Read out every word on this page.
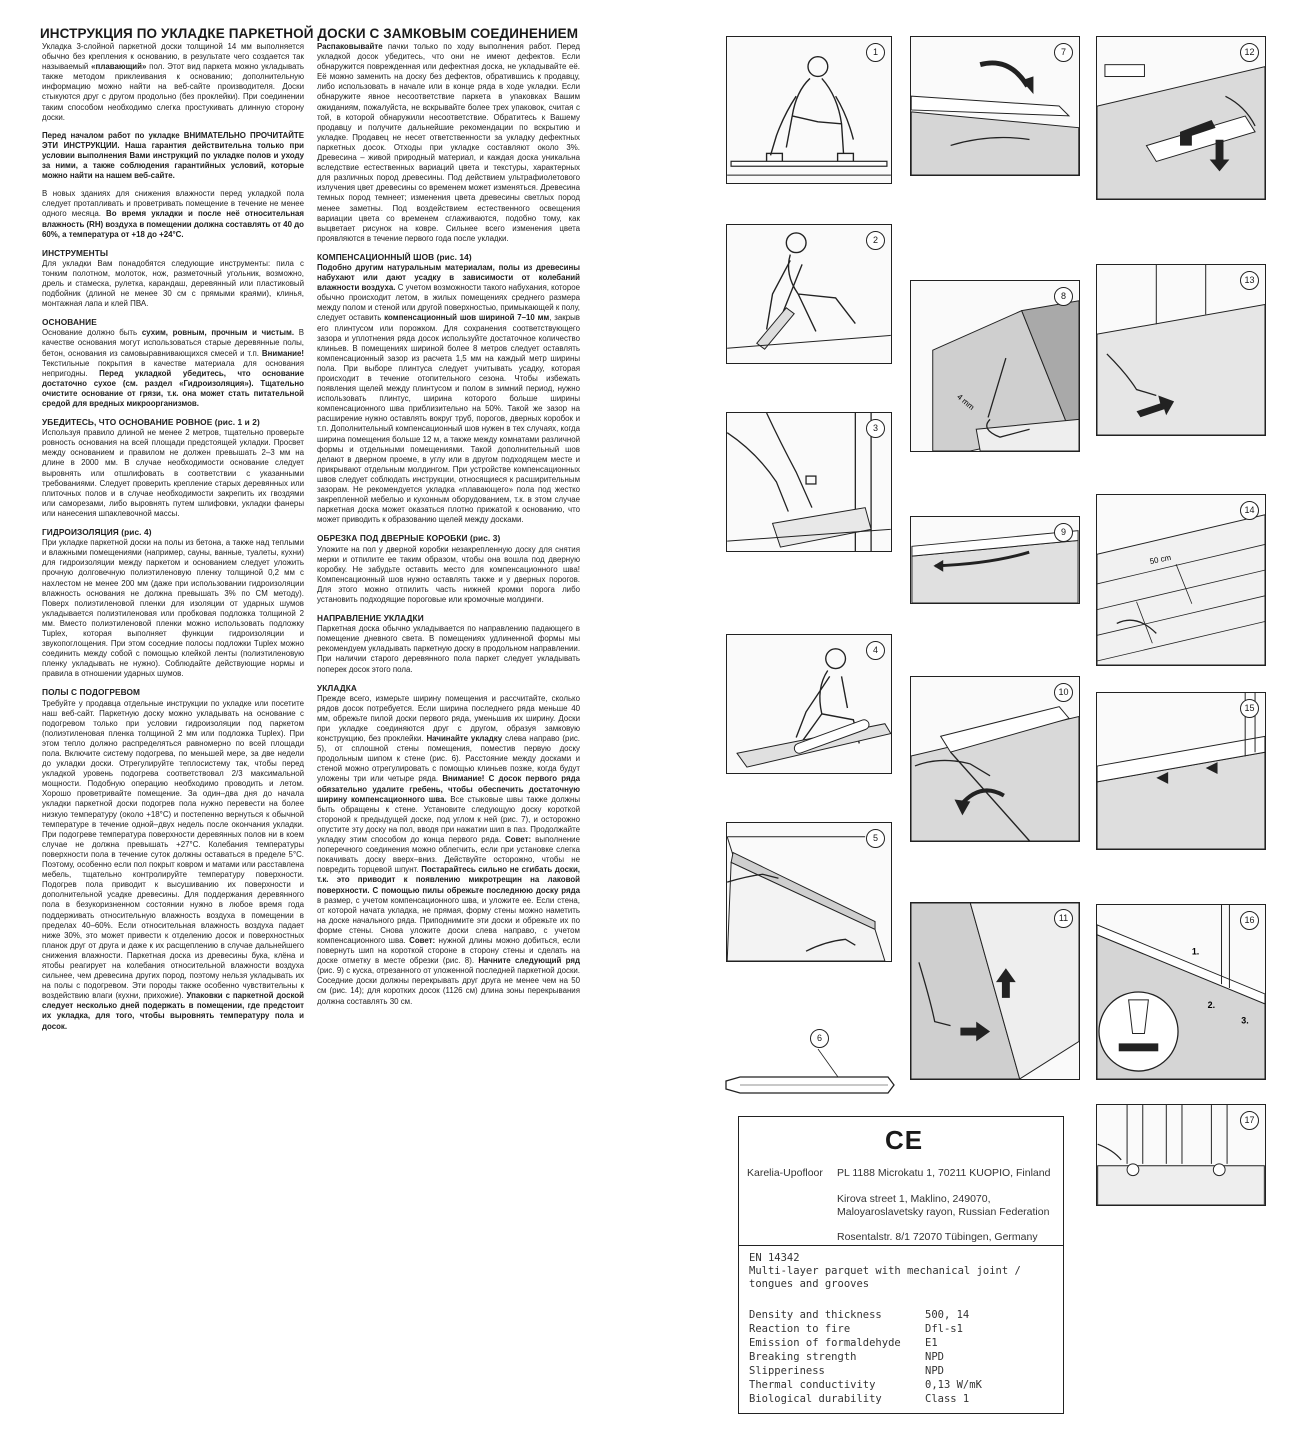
ИНСТРУКЦИЯ ПО УКЛАДКЕ ПАРКЕТНОЙ ДОСКИ С ЗАМКОВЫМ СОЕДИНЕНИЕМ

Укладка 3-слойной паркетной доски толщиной 14 мм выполняется обычно без крепления к основанию, в результате чего создается так называемый «плавающий» пол. Этот вид паркета можно укладывать также методом приклеивания к основанию; дополнительную информацию можно найти на веб-сайте производителя. Доски стыкуются друг с другом продольно (без проклейки). При соединении таким способом необходимо слегка простукивать длинную сторону доски.

Перед началом работ по укладке ВНИМАТЕЛЬНО ПРОЧИТАЙТЕ ЭТИ ИНСТРУКЦИИ. Наша гарантия действительна только при условии выполнения Вами инструкций по укладке полов и уходу за ними, а также соблюдения гарантийных условий, которые можно найти на нашем веб-сайте.

В новых зданиях для снижения влажности перед укладкой пола следует протапливать и проветривать помещение в течение не менее одного месяца. Во время укладки и после неё относительная влажность (RH) воздуха в помещении должна составлять от 40 до 60%, а температура от +18 до +24°С.

ИНСТРУМЕНТЫ

Для укладки Вам понадобятся следующие инструменты: пила с тонким полотном, молоток, нож, разметочный угольник, возможно, дрель и стамеска, рулетка, карандаш, деревянный или пластиковый подбойник (длиной не менее 30 см с прямыми краями), клинья, монтажная лапа и клей ПВА.

ОСНОВАНИЕ

Основание должно быть сухим, ровным, прочным и чистым. В качестве основания могут использоваться старые деревянные полы, бетон, основания из самовыравнивающихся смесей и т.п. Внимание! Текстильные покрытия в качестве материала для основания непригодны. Перед укладкой убедитесь, что основание достаточно сухое (см. раздел «Гидроизоляция»). Тщательно очистите основание от грязи, т.к. она может стать питательной средой для вредных микроорганизмов.

УБЕДИТЕСЬ, ЧТО ОСНОВАНИЕ РОВНОЕ (рис. 1 и 2)

Используя правило длиной не менее 2 метров, тщательно проверьте ровность основания на всей площади предстоящей укладки. Просвет между основанием и правилом не должен превышать 2–3 мм на длине в 2000 мм. В случае необходимости основание следует выровнять или отшлифовать в соответствии с указанными требованиями. Следует проверить крепление старых деревянных или плиточных полов и в случае необходимости закрепить их гвоздями или саморезами, либо выровнять путем шлифовки, укладки фанеры или нанесения шпаклевочной массы.

ГИДРОИЗОЛЯЦИЯ (рис. 4)

При укладке паркетной доски на полы из бетона, а также над теплыми и влажными помещениями (например, сауны, ванные, туалеты, кухни) для гидроизоляции между паркетом и основанием следует уложить прочную долговечную полиэтиленовую пленку толщиной 0,2 мм с нахлестом не менее 200 мм (даже при использовании гидроизоляции влажность основания не должна превышать 3% по CM методу). Поверх полиэтиленовой пленки для изоляции от ударных шумов укладывается полиэтиленовая или пробковая подложка толщиной 2 мм. Вместо полиэтиленовой пленки можно использовать подложку Tuplex, которая выполняет функции гидроизоляции и звукопоглощения. При этом соседние полосы подложки Tuplex можно соединить между собой с помощью клейкой ленты (полиэтиленовую пленку укладывать не нужно). Соблюдайте действующие нормы и правила в отношении ударных шумов.

ПОЛЫ С ПОДОГРЕВОМ

Требуйте у продавца отдельные инструкции по укладке или посетите наш веб-сайт. Паркетную доску можно укладывать на основание с подогревом только при условии гидроизоляции под паркетом (полиэтиленовая пленка толщиной 2 мм или подложка Tuplex). При этом тепло должно распределяться равномерно по всей площади пола. Включите систему подогрева, по меньшей мере, за две недели до укладки доски. Отрегулируйте теплосистему так, чтобы перед укладкой уровень подогрева соответствовал 2/3 максимальной мощности. Подобную операцию необходимо проводить и летом. Хорошо проветривайте помещение. За один–два дня до начала укладки паркетной доски подогрев пола нужно перевести на более низкую температуру (около +18°С) и постепенно вернуться к обычной температуре в течение одной–двух недель после окончания укладки. При подогреве температура поверхности деревянных полов ни в коем случае не должна превышать +27°С. Колебания температуры поверхности пола в течение суток должны оставаться в пределе 5°С. Поэтому, особенно если пол покрыт ковром и матами или расставлена мебель, тщательно контролируйте температуру поверхности. Подогрев пола приводит к высушиванию их поверхности и дополнительной усадке древесины. Для поддержания деревянного пола в безукоризненном состоянии нужно в любое время года поддерживать относительную влажность воздуха в помещении в пределах 40–60%. Если относительная влажность воздуха падает ниже 30%, это может привести к отделению досок и поверхностных планок друг от друга и даже к их расщеплению в случае дальнейшего снижения влажности. Паркетная доска из древесины бука, клёна и ятобы реагирует на колебания относительной влажности воздуха сильнее, чем древесина других пород, поэтому нельзя укладывать их на полы с подогревом. Эти породы также особенно чувствительны к воздействию влаги (кухни, прихожие). Упаковки с паркетной доской следует несколько дней подержать в помещении, где предстоит их укладка, для того, чтобы выровнять температуру пола и досок.

Распаковывайте пачки только по ходу выполнения работ. Перед укладкой досок убедитесь, что они не имеют дефектов. Если обнаружится поврежденная или дефектная доска, не укладывайте её. Её можно заменить на доску без дефектов, обратившись к продавцу, либо использовать в начале или в конце ряда в ходе укладки. Если обнаружите явное несоответствие паркета в упаковках Вашим ожиданиям, пожалуйста, не вскрывайте более трех упаковок, считая с той, в которой обнаружили несоответствие. Обратитесь к Вашему продавцу и получите дальнейшие рекомендации по вскрытию и укладке. Продавец не несет ответственности за укладку дефектных паркетных досок. Отходы при укладке составляют около 3%. Древесина – живой природный материал, и каждая доска уникальна вследствие естественных вариаций цвета и текстуры, характерных для различных пород древесины. Под действием ультрафиолетового излучения цвет древесины со временем может изменяться. Древесина темных пород темнеет; изменения цвета древесины светлых пород менее заметны. Под воздействием естественного освещения вариации цвета со временем сглаживаются, подобно тому, как выцветает рисунок на ковре. Сильнее всего изменения цвета проявляются в течение первого года после укладки.

КОМПЕНСАЦИОННЫЙ ШОВ (рис. 14)

Подобно другим натуральным материалам, полы из древесины набухают или дают усадку в зависимости от колебаний влажности воздуха. С учетом возможности такого набухания, которое обычно происходит летом, в жилых помещениях среднего размера между полом и стеной или другой поверхностью, примыкающей к полу, следует оставить компенсационный шов шириной 7–10 мм, закрыв его плинтусом или порожком. Для сохранения соответствующего зазора и уплотнения ряда досок используйте достаточное количество клиньев. В помещениях шириной более 8 метров следует оставлять компенсационный зазор из расчета 1,5 мм на каждый метр ширины пола. При выборе плинтуса следует учитывать усадку, которая происходит в течение отопительного сезона. Чтобы избежать появления щелей между плинтусом и полом в зимний период, нужно использовать плинтус, ширина которого больше ширины компенсационного шва приблизительно на 50%. Такой же зазор на расширение нужно оставлять вокруг труб, порогов, дверных коробок и т.п. Дополнительный компенсационный шов нужен в тех случаях, когда ширина помещения больше 12 м, а также между комнатами различной формы и отдельными помещениями. Такой дополнительный шов делают в дверном проеме, в углу или в другом подходящем месте и прикрывают отдельным молдингом. При устройстве компенсационных швов следует соблюдать инструкции, относящиеся к расширительным зазорам. Не рекомендуется укладка «плавающего» пола под жестко закрепленной мебелью и кухонным оборудованием, т.к. в этом случае паркетная доска может оказаться плотно прижатой к основанию, что может приводить к образованию щелей между досками.

ОБРЕЗКА ПОД ДВЕРНЫЕ КОРОБКИ (рис. 3)

Уложите на пол у дверной коробки незакрепленную доску для снятия мерки и отпилите ее таким образом, чтобы она вошла под дверную коробку. Не забудьте оставить место для компенсационного шва! Компенсационный шов нужно оставлять также и у дверных порогов. Для этого можно отпилить часть нижней кромки порога либо установить подходящие пороговые или кромочные молдинги.

НАПРАВЛЕНИЕ УКЛАДКИ

Паркетная доска обычно укладывается по направлению падающего в помещение дневного света. В помещениях удлиненной формы мы рекомендуем укладывать паркетную доску в продольном направлении. При наличии старого деревянного пола паркет следует укладывать поперек досок этого пола.

УКЛАДКА

Прежде всего, измерьте ширину помещения и рассчитайте, сколько рядов досок потребуется. Если ширина последнего ряда меньше 40 мм, обрежьте пилой доски первого ряда, уменьшив их ширину. Доски при укладке соединяются друг с другом, образуя замковую конструкцию, без проклейки. Начинайте укладку слева направо (рис. 5), от сплошной стены помещения, поместив первую доску продольным шипом к стене (рис. 6). Расстояние между досками и стеной можно отрегулировать с помощью клиньев позже, когда будут уложены три или четыре ряда. Внимание! С досок первого ряда обязательно удалите гребень, чтобы обеспечить достаточную ширину компенсационного шва. Все стыковые швы также должны быть обращены к стене. Установите следующую доску короткой стороной к предыдущей доске, под углом к ней (рис. 7), и осторожно опустите эту доску на пол, вводя при нажатии шип в паз. Продолжайте укладку этим способом до конца первого ряда. Совет: выполнение поперечного соединения можно облегчить, если при установке слегка покачивать доску вверх–вниз. Действуйте осторожно, чтобы не повредить торцевой шпунт. Постарайтесь сильно не сгибать доски, т.к. это приводит к появлению микротрещин на лаковой поверхности. С помощью пилы обрежьте последнюю доску ряда в размер, с учетом компенсационного шва, и уложите ее. Если стена, от которой начата укладка, не прямая, форму стены можно наметить на доске начального ряда. Приподнимите эти доски и обрежьте их по форме стены. Снова уложите доски слева направо, с учетом компенсационного шва. Совет: нужной длины можно добиться, если повернуть шип на короткой стороне в сторону стены и сделать на доске отметку в месте обрезки (рис. 8). Начните следующий ряд (рис. 9) с куска, отрезанного от уложенной последней паркетной доски. Соседние доски должны перекрывать друг друга не менее чем на 50 см (рис. 14); для коротких досок (1126 см) длина зоны перекрывания должна составлять 30 см.

1
2
3
4
5
6
7
4 mm
8
9
10
11
12
13
50 cm
14
15
1.
2.
3.
16
17
CE
Karelia-Upofloor PL 1188 Microkatu 1, 70211 KUOPIO, Finland
Kirova street 1, Maklino, 249070,
Maloyaroslavetsky rayon, Russian Federation
Rosentalstr. 8/1 72070 Tübingen, Germany
EN 14342
Multi-layer parquet with mechanical joint /
tongues and grooves
Density and thickness	500, 14
Reaction to fire	Dfl-s1
Emission of formaldehyde	E1
Breaking strength	NPD
Slipperiness	NPD
Thermal conductivity	0,13 W/mK
Biological durability	Class 1
